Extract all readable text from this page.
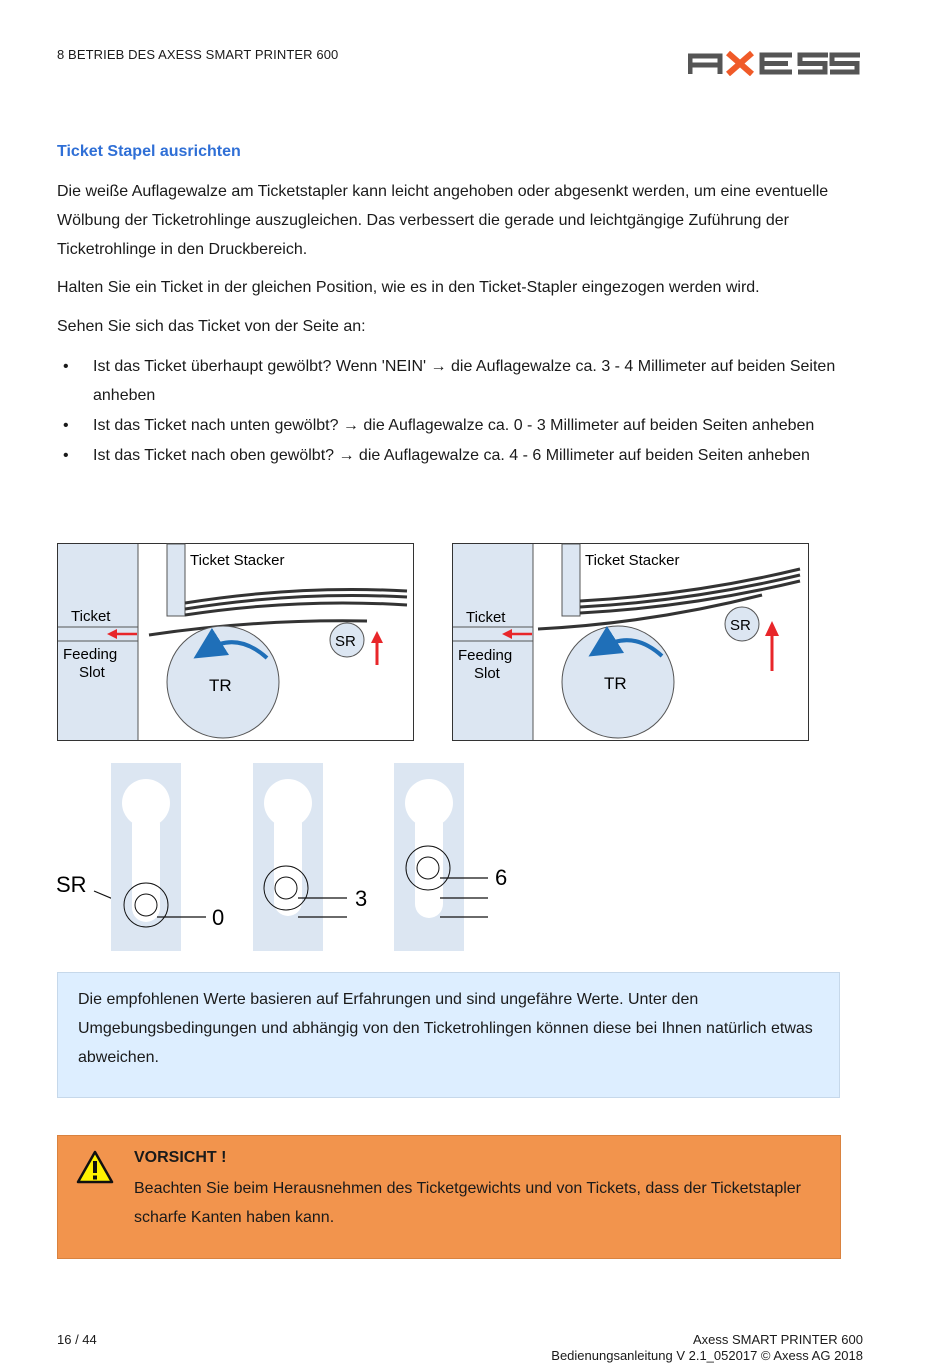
8 BETRIEB DES AXESS SMART PRINTER 600
Ticket Stapel ausrichten
Die weiße Auflagewalze am Ticketstapler kann leicht angehoben oder abgesenkt werden, um eine eventuelle Wölbung der Ticketrohlinge auszugleichen. Das verbessert die gerade und leichtgängige Zuführung der Ticketrohlinge in den Druckbereich.
Halten Sie ein Ticket in der gleichen Position, wie es in den Ticket-Stapler eingezogen werden wird.
Sehen Sie sich das Ticket von der Seite an:
• Ist das Ticket überhaupt gewölbt? Wenn 'NEIN' → die Auflagewalze ca. 3 - 4 Millimeter auf beiden Seiten anheben
• Ist das Ticket nach unten gewölbt? → die Auflagewalze ca. 0 - 3 Millimeter auf beiden Seiten anheben
• Ist das Ticket nach oben gewölbt? → die Auflagewalze ca. 4 - 6 Millimeter auf beiden Seiten anheben
Ticket Stacker
Ticket
Feeding
Slot
TR
SR
Ticket Stacker
Ticket
Feeding
Slot
TR
SR
SR
0
3
6

Die empfohlenen Werte basieren auf Erfahrungen und sind ungefähre Werte. Unter den Umgebungsbedingungen und abhängig von den Ticketrohlingen können diese bei Ihnen natürlich etwas abweichen.

VORSICHT !

Beachten Sie beim Herausnehmen des Ticketgewichts und von Tickets, dass der Ticketstapler scharfe Kanten haben kann.

16 / 44	Axess SMART PRINTER 600
Bedienungsanleitung V 2.1_052017 © Axess AG 2018
